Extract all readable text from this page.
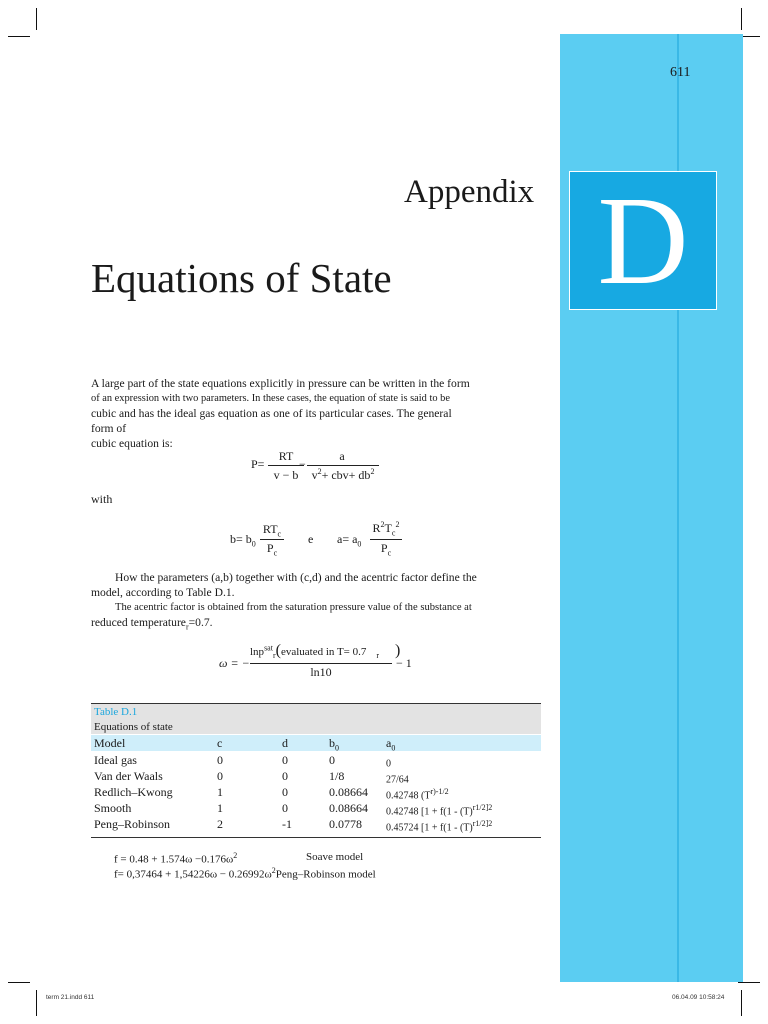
611
D
Appendix
Equations of State
A large part of the state equations explicitly in pressure can be written in the form
of an expression with two parameters. In these cases, the equation of state is said to be
cubic and has the ideal gas equation as one of its particular cases. The general form of
cubic equation is:
P=
RT
v − b
−
a
$v^2+ cbv+ db^2$
with
$b= b_0$
$RT_c$
$P_c$
e $a= a_0$
$R^2T_c^2$
$P_c$
How the parameters (a,b) together with (c,d) and the acentric factor define the
model, according to Table D.1.
The acentric factor is obtained from the saturation pressure value of the substance at
reduced temperature$_r$=0.7.
ω = −
lnp$^{sat}_r$(evaluated in T= 0.7 $_r$ )
ln10
− 1
Table D.1
Equations of state
Model	c	d	$b_0$	$a_0$
Ideal gas	0	0	0	0
Van der Waals	0	0	1/8	27/64
Redlich–Kwong	1	0	0.08664 0.42748 ($T^{r)-1/2}$
Smooth	1	0	0.08664 0.42748 [$1 + f(1 - (T)^{r1/2]2}$
Peng–Robinson	2	-1	0.0778 0.45724 [$1 + f(1 - (T)^{r1/2]2}$
$f = 0.48 + 1.574\omega -0.176\omega^2$	Soave model
$f= 0,37464 + 1,54226\omega - 0.26992\omega^2Peng$–Robinson model
term 21.indd 611	06.04.09 10:58:24
